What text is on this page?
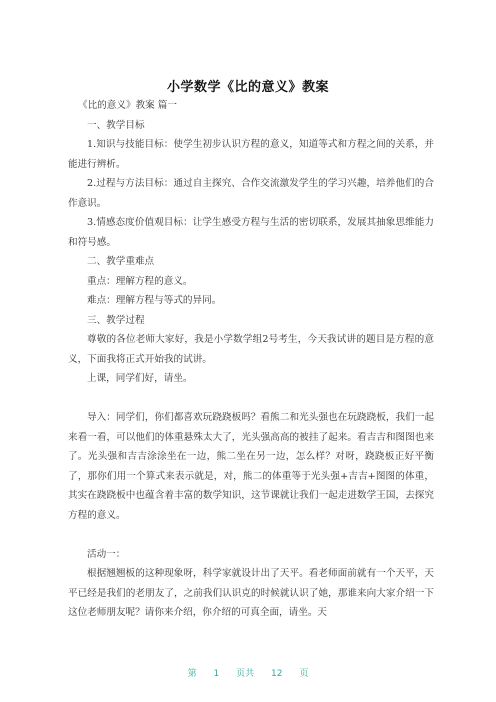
小学数学《比的意义》教案

《比的意义》教案 篇一

一、教学目标

1.知识与技能目标：使学生初步认识方程的意义，知道等式和方程之间的关系，并能进行辨析。

2.过程与方法目标：通过自主探究、合作交流激发学生的学习兴趣，培养他们的合作意识。

3.情感态度价值观目标：让学生感受方程与生活的密切联系，发展其抽象思维能力和符号感。

二、教学重难点

重点：理解方程的意义。

难点：理解方程与等式的异同。

三、教学过程

尊敬的各位老师大家好，我是小学数学组2号考生，今天我试讲的题目是方程的意义，下面我将正式开始我的试讲。

上课，同学们好，请坐。

导入：同学们，你们都喜欢玩跷跷板吗？看熊二和光头强也在玩跷跷板，我们一起来看一看，可以他们的体重悬殊太大了，光头强高高的被挂了起来。看吉吉和图图也来了。光头强和吉吉涂涂坐在一边，熊二坐在另一边，怎么样？对呀，跷跷板正好平衡了，那你们用一个算式来表示就是，对，熊二的体重等于光头强+吉吉+图图的体重，其实在跷跷板中也蕴含着丰富的数学知识，这节课就让我们一起走进数学王国，去探究方程的意义。

活动一：

根据翘翘板的这种现象呀，科学家就设计出了天平。看老师面前就有一个天平，天平已经是我们的老朋友了，之前我们认识克的时候就认识了她，那谁来向大家介绍一下这位老师朋友呢？请你来介绍，你介绍的可真全面，请坐。天

第 1 页共 12 页
